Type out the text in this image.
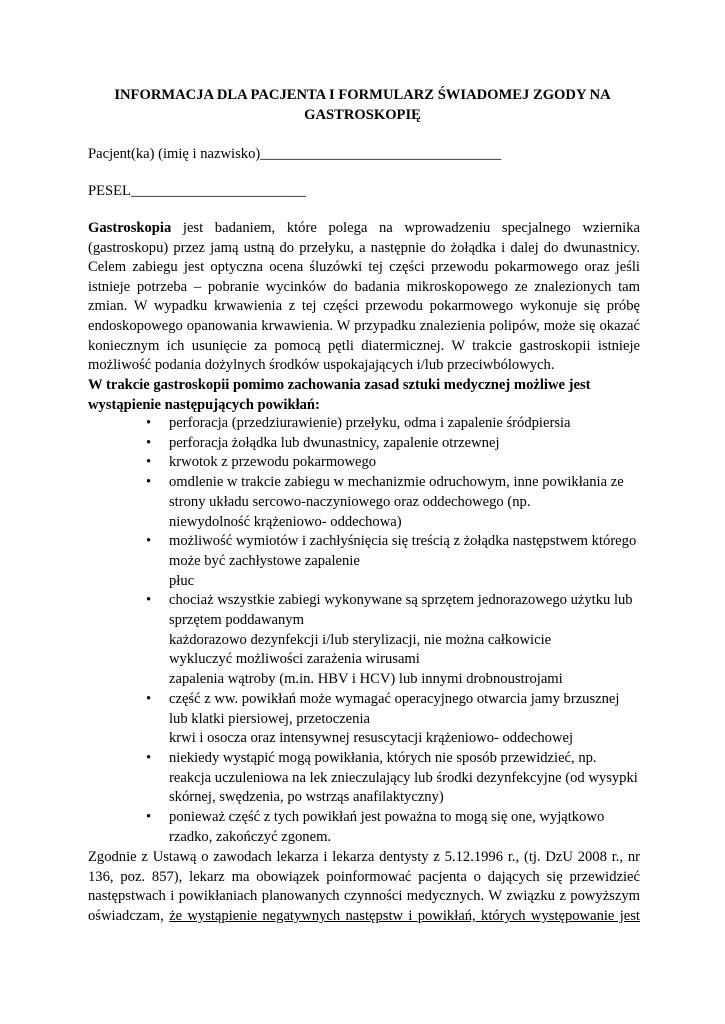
INFORMACJA DLA PACJENTA I FORMULARZ ŚWIADOMEJ ZGODY NA GASTROSKOPIĘ
Pacjent(ka) (imię i nazwisko)_________________________________
PESEL________________________
Gastroskopia jest badaniem, które polega na wprowadzeniu specjalnego wziernika (gastroskopu) przez jamą ustną do przełyku, a następnie do żołądka i dalej do dwunastnicy. Celem zabiegu jest optyczna ocena śluzówki tej części przewodu pokarmowego oraz jeśli istnieje potrzeba – pobranie wycinków do badania mikroskopowego ze znalezionych tam zmian. W wypadku krwawienia z tej części przewodu pokarmowego wykonuje się próbę endoskopowego opanowania krwawienia. W przypadku znalezienia polipów, może się okazać koniecznym ich usunięcie za pomocą pętli diatermicznej. W trakcie gastroskopii istnieje możliwość podania dożylnych środków uspokajających i/lub przeciwbólowych.
W trakcie gastroskopii pomimo zachowania zasad sztuki medycznej możliwe jest wystąpienie następujących powikłań:
• perforacja (przedziurawienie) przełyku, odma i zapalenie śródpiersia
• perforacja żołądka lub dwunastnicy, zapalenie otrzewnej
• krwotok z przewodu pokarmowego
• omdlenie w trakcie zabiegu w mechanizmie odruchowym, inne powikłania ze
strony układu sercowo-naczyniowego oraz oddechowego (np.
niewydolność krążeniowo- oddechowa)
• możliwość wymiotów i zachłyśnięcia się treścią z żołądka następstwem którego
może być zachłystowe zapalenie
płuc
• chociaż wszystkie zabiegi wykonywane są sprzętem jednorazowego użytku lub
sprzętem poddawanym
każdorazowo dezynfekcji i/lub sterylizacji, nie można całkowicie
wykluczyć możliwości zarażenia wirusami
zapalenia wątroby (m.in. HBV i HCV) lub innymi drobnoustrojami
• część z ww. powikłań może wymagać operacyjnego otwarcia jamy brzusznej
lub klatki piersiowej, przetoczenia
krwi i osocza oraz intensywnej resuscytacji krążeniowo- oddechowej
• niekiedy wystąpić mogą powikłania, których nie sposób przewidzieć, np.
reakcja uczuleniowa na lek znieczulający lub środki dezynfekcyjne (od wysypki
skórnej, swędzenia, po wstrząs anafilaktyczny)
• ponieważ część z tych powikłań jest poważna to mogą się one, wyjątkowo
rzadko, zakończyć zgonem.
Zgodnie z Ustawą o zawodach lekarza i lekarza dentysty z 5.12.1996 r., (tj. DzU 2008 r., nr
136, poz. 857), lekarz ma obowiązek poinformować pacjenta o dających się przewidzieć
następstwach i powikłaniach planowanych czynności medycznych. W związku z powyższym
oświadczam, że wystąpienie negatywnych następstw i powikłań, których występowanie jest
